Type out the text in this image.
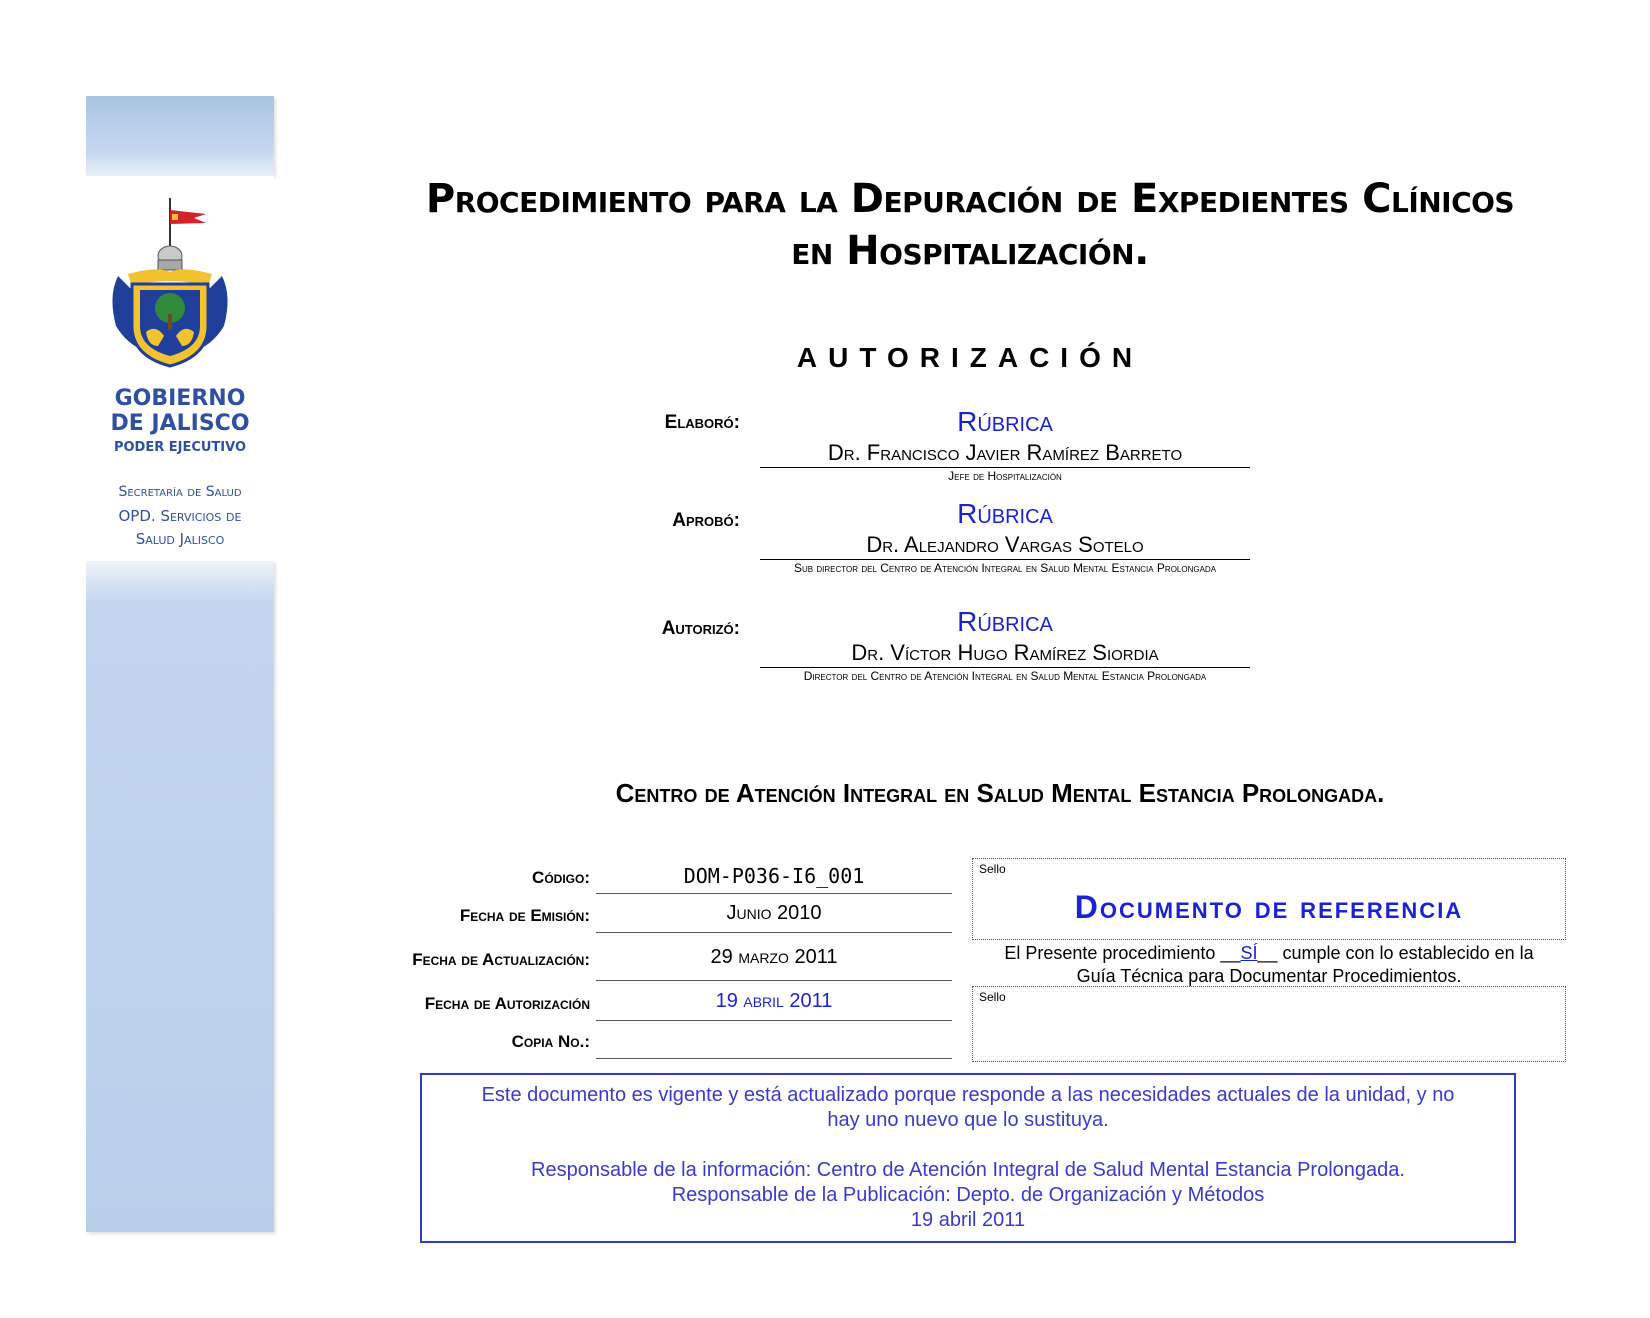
GOBIERNO
DE JALISCO
PODER EJECUTIVO
Secretaría de Salud
OPD. Servicios de
Salud Jalisco
Procedimiento para la Depuración de Expedientes Clínicos
en Hospitalización.
AUTORIZACIÓN
Elaboró:	Rúbrica
Dr. Francisco Javier Ramírez Barreto
Jefe de Hospitalización
Aprobó:	Rúbrica
Dr. Alejandro Vargas Sotelo
Sub director del Centro de Atención Integral en Salud Mental Estancia Prolongada
Autorizó:	Rúbrica
Dr. Víctor Hugo Ramírez Siordia
Director del Centro de Atención Integral en Salud Mental Estancia Prolongada
Centro de Atención Integral en Salud Mental Estancia Prolongada.
Código:	DOM-P036-I6_001
Fecha de Emisión:	Junio 2010
Fecha de Actualización:	29 marzo 2011
Fecha de Autorización	19 abril 2011
Copia No.:
Sello
Documento de referencia
El Presente procedimiento __SÍ__ cumple con lo establecido en la
Guía Técnica para Documentar Procedimientos.
Sello
Este documento es vigente y está actualizado porque responde a las necesidades actuales de la unidad, y no
hay uno nuevo que lo sustituya.
Responsable de la información: Centro de Atención Integral de Salud Mental Estancia Prolongada.
Responsable de la Publicación: Depto. de Organización y Métodos
19 abril 2011
